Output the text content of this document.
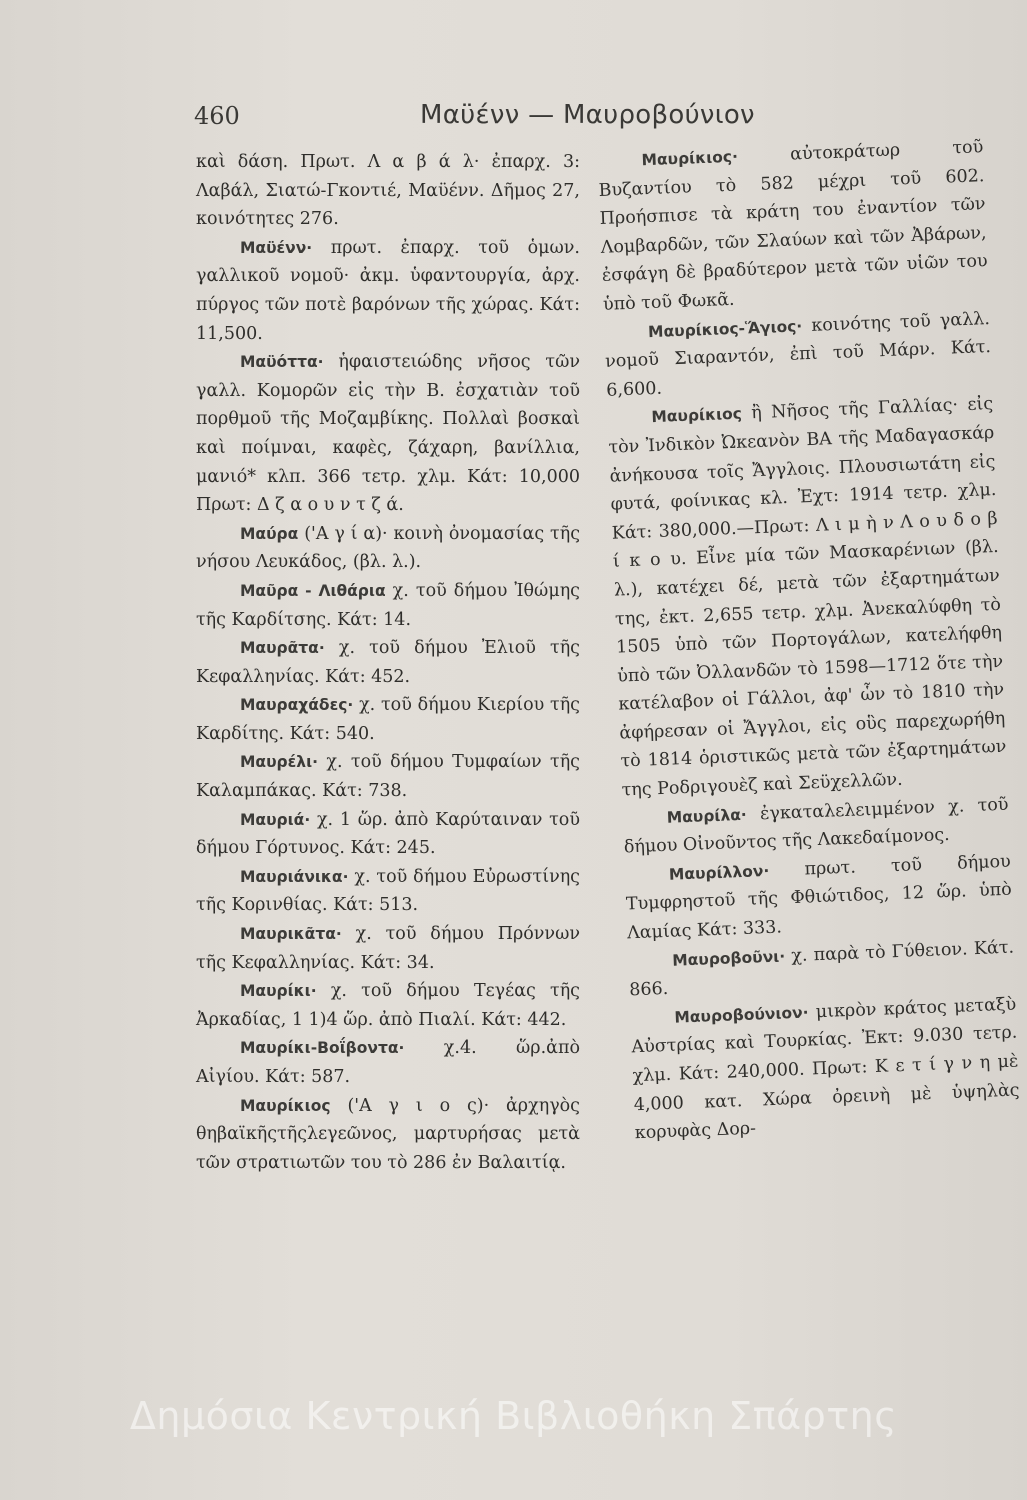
460	Μαϋένν — Μαυροβούνιον

καὶ δάση. Πρωτ. Λ α β ά λ· ἐπαρχ. 3: Λαβάλ, Σιατώ-Γκοντιέ, Μαϋένν. Δῆμος 27, κοινότητες 276.

Μαϋένν· πρωτ. ἐπαρχ. τοῦ ὁμων. γαλλικοῦ νομοῦ· ἀκμ. ὑφαντουργία, ἀρχ. πύργος τῶν ποτὲ βαρόνων τῆς χώρας. Κάτ: 11,500.

Μαϋόττα· ἡφαιστειώδης νῆσος τῶν γαλλ. Κομορῶν εἰς τὴν Β. ἐσχατιὰν τοῦ πορθμοῦ τῆς Μοζαμβίκης. Πολλαὶ βοσκαὶ καὶ ποίμναι, καφὲς, ζάχαρη, βανίλλια, μανιό* κλπ. 366 τετρ. χλμ. Κάτ: 10,000 Πρωτ: Δ ζ α ο υ ν τ ζ ά.

Μαύρα ('Α γ ί α)· κοινὴ ὀνομασίας τῆς νήσου Λευκάδος, (βλ. λ.).

Μαῦρα - Λιθάρια χ. τοῦ δήμου Ἰθώμης τῆς Καρδίτσης. Κάτ: 14.

Μαυρᾶτα· χ. τοῦ δήμου Ἐλιοῦ τῆς Κεφαλληνίας. Κάτ: 452.

Μαυραχάδες· χ. τοῦ δήμου Κιερίου τῆς Καρδίτης. Κάτ: 540.

Μαυρέλι· χ. τοῦ δήμου Τυμφαίων τῆς Καλαμπάκας. Κάτ: 738.

Μαυριά· χ. 1 ὥρ. ἀπὸ Καρύταιναν τοῦ δήμου Γόρτυνος. Κάτ: 245.

Μαυριάνικα· χ. τοῦ δήμου Εὐρωστίνης τῆς Κορινθίας. Κάτ: 513.

Μαυρικᾶτα· χ. τοῦ δήμου Πρόννων τῆς Κεφαλληνίας. Κάτ: 34.

Μαυρίκι· χ. τοῦ δήμου Τεγέας τῆς Ἀρκαδίας, 1 1)4 ὥρ. ἀπὸ Πιαλί. Κάτ: 442.

Μαυρίκι-Βοΐβοντα· χ.4. ὥρ.ἀπὸ Αἰγίου. Κάτ: 587.

Μαυρίκιος ('Α γ ι ο ς)· ἀρχηγὸς θηβαϊκῆςτῆςλεγεῶνος, μαρτυρήσας μετὰ τῶν στρατιωτῶν του τὸ 286 ἐν Βαλαιτίᾳ.

Μαυρίκιος·	αὐτοκράτωρ τοῦ Βυζαντίου τὸ 582 μέχρι τοῦ 602. Προήσπισε τὰ κράτη του ἐναντίον τῶν Λομβαρδῶν, τῶν Σλαύων καὶ τῶν Ἀβάρων, ἐσφάγη δὲ βραδύτερον μετὰ τῶν υἱῶν του ὑπὸ τοῦ Φωκᾶ.

Μαυρίκιος-Ἅγιος· κοινότης τοῦ γαλλ. νομοῦ Σιαραντόν, ἐπὶ τοῦ Μάρν. Κάτ. 6,600.

Μαυρίκιος ἢ Νῆσος τῆς Γαλλίας· εἰς τὸν Ἰνδικὸν Ὠκεανὸν ΒΑ τῆς Μαδαγασκάρ ἀνήκουσα τοῖς Ἄγγλοις. Πλουσιωτάτη εἰς φυτά, φοίνικας κλ. Ἐχτ: 1914 τετρ. χλμ. Κάτ: 380,000.—Πρωτ: Λ ι μ ὴ ν Λ ο υ δ ο β ί κ ο υ. Εἶνε μία τῶν Μασκαρένιων (βλ. λ.), κατέχει δέ, μετὰ τῶν ἐξαρτημάτων της, ἐκτ. 2,655 τετρ. χλμ. Ἀνεκαλύφθη τὸ 1505 ὑπὸ τῶν Πορτογάλων, κατελήφθη ὑπὸ τῶν Ὀλλανδῶν τὸ 1598—1712 ὅτε τὴν κατέλαβον οἱ Γάλλοι, ἀφ' ὧν τὸ 1810 τὴν ἀφήρεσαν οἱ Ἄγγλοι, εἰς οὓς παρεχωρήθη τὸ 1814 ὁριστικῶς μετὰ τῶν ἐξαρτημάτων της Ροδριγουὲζ καὶ Σεϋχελλῶν.

Μαυρίλα· ἐγκαταλελειμμένον χ. τοῦ δήμου Οἰνοῦντος τῆς Λακεδαίμονος.

Μαυρίλλον· πρωτ. τοῦ δήμου Τυμφρηστοῦ τῆς Φθιώτιδος, 12 ὥρ. ὑπὸ Λαμίας Κάτ: 333.

Μαυροβοῦνι· χ. παρὰ τὸ Γύθειον. Κάτ. 866.

Μαυροβούνιον· μικρὸν κράτος μεταξὺ Αὐστρίας καὶ Τουρκίας. Ἐκτ: 9.030 τετρ. χλμ. Κάτ: 240,000. Πρωτ: Κ ε τ ί γ ν η μὲ 4,000 κατ. Χώρα ὀρεινὴ μὲ ὑψηλὰς κορυφὰς Δορ-

Δημόσια Κεντρική Βιβλιοθήκη Σπάρτης
